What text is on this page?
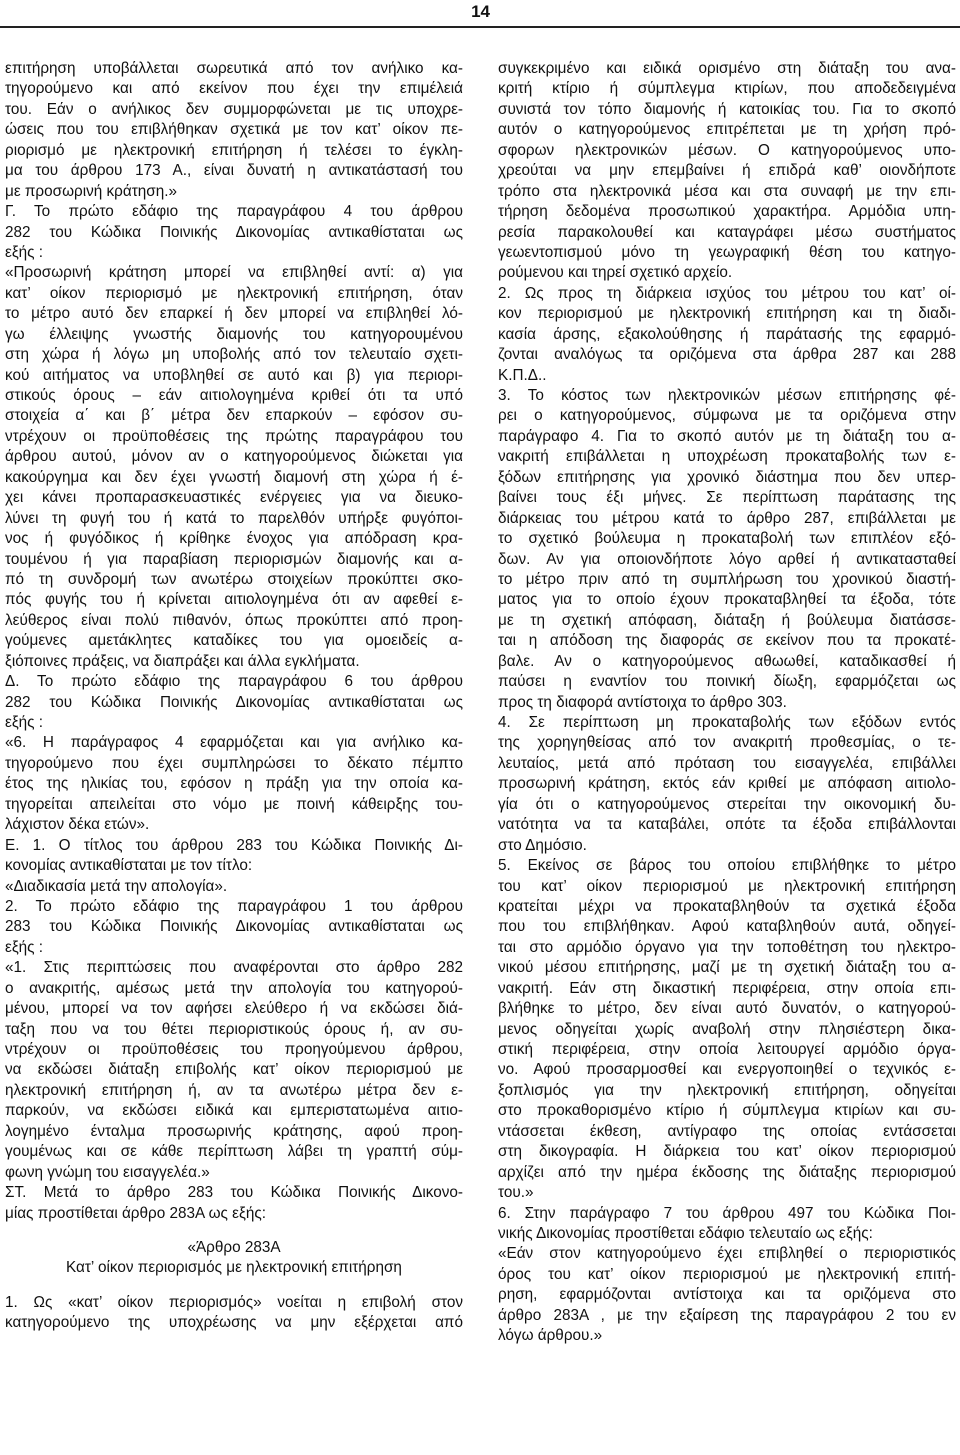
14
επιτήρηση υποβάλλεται σωρευτικά από τον ανήλικο κα-
τηγορούμενο και από εκείνον που έχει την επιμέλειά
του. Εάν ο ανήλικος δεν συμμορφώνεται με τις υποχρε-
ώσεις που του επιβλήθηκαν σχετικά με τον κατ’ οίκον πε-
ριορισμό με ηλεκτρονική επιτήρηση ή τελέσει το έγκλη-
μα του άρθρου 173 Α., είναι δυνατή η αντικατάστασή του
με προσωρινή κράτηση.»
Γ. Το πρώτο εδάφιο της παραγράφου 4 του άρθρου
282 του Κώδικα Ποινικής Δικονομίας αντικαθίσταται ως
εξής :
«Προσωρινή κράτηση μπορεί να επιβληθεί αντί: α) για
κατ’ οίκον περιορισμό με ηλεκτρονική επιτήρηση, όταν
το μέτρο αυτό δεν επαρκεί ή δεν μπορεί να επιβληθεί λό-
γω έλλειψης γνωστής διαμονής του κατηγορουμένου
στη χώρα ή λόγω μη υποβολής από τον τελευταίο σχετι-
κού αιτήματος να υποβληθεί σε αυτό και β) για περιορι-
στικούς όρους – εάν αιτιολογημένα κριθεί ότι τα υπό
στοιχεία α΄ και β΄ μέτρα δεν επαρκούν – εφόσον συ-
ντρέχουν οι προϋποθέσεις της πρώτης παραγράφου του
άρθρου αυτού, μόνον αν ο κατηγορούμενος διώκεται για
κακούργημα και δεν έχει γνωστή διαμονή στη χώρα ή έ-
χει κάνει προπαρασκευαστικές ενέργειες για να διευκο-
λύνει τη φυγή του ή κατά το παρελθόν υπήρξε φυγόποι-
νος ή φυγόδικος ή κρίθηκε ένοχος για απόδραση κρα-
τουμένου ή για παραβίαση περιορισμών διαμονής και α-
πό τη συνδρομή των ανωτέρω στοιχείων προκύπτει σκο-
πός φυγής του ή κρίνεται αιτιολογημένα ότι αν αφεθεί ε-
λεύθερος είναι πολύ πιθανόν, όπως προκύπτει από προη-
γούμενες αμετάκλητες καταδίκες του για ομοειδείς α-
ξιόποινες πράξεις, να διαπράξει και άλλα εγκλήματα.
Δ. Το πρώτο εδάφιο της παραγράφου 6 του άρθρου
282 του Κώδικα Ποινικής Δικονομίας αντικαθίσταται ως
εξής :
«6. Η παράγραφος 4 εφαρμόζεται και για ανήλικο κα-
τηγορούμενο που έχει συμπληρώσει το δέκατο πέμπτο
έτος της ηλικίας του, εφόσον η πράξη για την οποία κα-
τηγορείται απειλείται στο νόμο με ποινή κάθειρξης του-
λάχιστον δέκα ετών».
Ε. 1. Ο τίτλος του άρθρου 283 του Κώδικα Ποινικής Δι-
κονομίας αντικαθίσταται με τον τίτλο:
«Διαδικασία μετά την απολογία».
2. Το πρώτο εδάφιο της παραγράφου 1 του άρθρου
283 του Κώδικα Ποινικής Δικονομίας αντικαθίσταται ως
εξής :
«1. Στις περιπτώσεις που αναφέρονται στο άρθρο 282
ο ανακριτής, αμέσως μετά την απολογία του κατηγορού-
μένου, μπορεί να τον αφήσει ελεύθερο ή να εκδώσει διά-
ταξη που να του θέτει περιοριστικούς όρους ή, αν συ-
ντρέχουν οι προϋποθέσεις του προηγούμενου άρθρου,
να εκδώσει διάταξη επιβολής κατ’ οίκον περιορισμού με
ηλεκτρονική επιτήρηση ή, αν τα ανωτέρω μέτρα δεν ε-
παρκούν, να εκδώσει ειδικά και εμπεριστατωμένα αιτιο-
λογημένο ένταλμα προσωρινής κράτησης, αφού προη-
γουμένως και σε κάθε περίπτωση λάβει τη γραπτή σύμ-
φωνη γνώμη του εισαγγελέα.»
ΣΤ. Μετά το άρθρο 283 του Κώδικα Ποινικής Δικονο-
μίας προστίθεται άρθρο 283Α ως εξής:
«Άρθρο 283Α
Κατ’ οίκον περιορισμός με ηλεκτρονική επιτήρηση
1. Ως «κατ’ οίκον περιορισμός» νοείται η επιβολή στον
κατηγορούμενο της υποχρέωσης να μην εξέρχεται από
συγκεκριμένο και ειδικά ορισμένο στη διάταξη του ανα-
κριτή κτίριο ή σύμπλεγμα κτιρίων, που αποδεδειγμένα
συνιστά τον τόπο διαμονής ή κατοικίας του. Για το σκοπό
αυτόν ο κατηγορούμενος επιτρέπεται με τη χρήση πρό-
σφορων ηλεκτρονικών μέσων. Ο κατηγορούμενος υπο-
χρεούται να μην επεμβαίνει ή επιδρά καθ’ οιονδήποτε
τρόπο στα ηλεκτρονικά μέσα και στα συναφή με την επι-
τήρηση δεδομένα προσωπικού χαρακτήρα. Αρμόδια υπη-
ρεσία παρακολουθεί και καταγράφει μέσω συστήματος
γεωεντοπισμού μόνο τη γεωγραφική θέση του κατηγο-
ρούμενου και τηρεί σχετικό αρχείο.
2. Ως προς τη διάρκεια ισχύος του μέτρου του κατ’ οί-
κον περιορισμού με ηλεκτρονική επιτήρηση και τη διαδι-
κασία άρσης, εξακολούθησης ή παράτασής της εφαρμό-
ζονται αναλόγως τα οριζόμενα στα άρθρα 287 και 288
Κ.Π.Δ..
3. Το κόστος των ηλεκτρονικών μέσων επιτήρησης φέ-
ρει ο κατηγορούμενος, σύμφωνα με τα οριζόμενα στην
παράγραφο 4. Για το σκοπό αυτόν με τη διάταξη του α-
νακριτή επιβάλλεται η υποχρέωση προκαταβολής των ε-
ξόδων επιτήρησης για χρονικό διάστημα που δεν υπερ-
βαίνει τους έξι μήνες. Σε περίπτωση παράτασης της
διάρκειας του μέτρου κατά το άρθρο 287, επιβάλλεται με
το σχετικό βούλευμα η προκαταβολή των επιπλέον εξό-
δων. Αν για οποιονδήποτε λόγο αρθεί ή αντικατασταθεί
το μέτρο πριν από τη συμπλήρωση του χρονικού διαστή-
ματος για το οποίο έχουν προκαταβληθεί τα έξοδα, τότε
με τη σχετική απόφαση, διάταξη ή βούλευμα διατάσσε-
ται η απόδοση της διαφοράς σε εκείνον που τα προκατέ-
βαλε. Αν ο κατηγορούμενος αθωωθεί, καταδικασθεί ή
παύσει η εναντίον του ποινική δίωξη, εφαρμόζεται ως
προς τη διαφορά αντίστοιχα το άρθρο 303.
4. Σε περίπτωση μη προκαταβολής των εξόδων εντός
της χορηγηθείσας από τον ανακριτή προθεσμίας, ο τε-
λευταίος, μετά από πρόταση του εισαγγελέα, επιβάλλει
προσωρινή κράτηση, εκτός εάν κριθεί με απόφαση αιτιολο-
γία ότι ο κατηγορούμενος στερείται την οικονομική δυ-
νατότητα να τα καταβάλει, οπότε τα έξοδα επιβάλλονται
στο Δημόσιο.
5. Εκείνος σε βάρος του οποίου επιβλήθηκε το μέτρο
του κατ’ οίκον περιορισμού με ηλεκτρονική επιτήρηση
κρατείται μέχρι να προκαταβληθούν τα σχετικά έξοδα
που του επιβλήθηκαν. Αφού καταβληθούν αυτά, οδηγεί-
ται στο αρμόδιο όργανο για την τοποθέτηση του ηλεκτρο-
νικού μέσου επιτήρησης, μαζί με τη σχετική διάταξη του α-
νακριτή. Εάν στη δικαστική περιφέρεια, στην οποία επι-
βλήθηκε το μέτρο, δεν είναι αυτό δυνατόν, ο κατηγορού-
μενος οδηγείται χωρίς αναβολή στην πλησιέστερη δικα-
στική περιφέρεια, στην οποία λειτουργεί αρμόδιο όργα-
νο. Αφού προσαρμοσθεί και ενεργοποιηθεί ο τεχνικός ε-
ξοπλισμός για την ηλεκτρονική επιτήρηση, οδηγείται
στο προκαθορισμένο κτίριο ή σύμπλεγμα κτιρίων και συ-
ντάσσεται έκθεση, αντίγραφο της οποίας εντάσσεται
στη δικογραφία. Η διάρκεια του κατ’ οίκον περιορισμού
αρχίζει από την ημέρα έκδοσης της διάταξης περιορισμού
του.»
6. Στην παράγραφο 7 του άρθρου 497 του Κώδικα Ποι-
νικής Δικονομίας προστίθεται εδάφιο τελευταίο ως εξής:
«Εάν στον κατηγορούμενο έχει επιβληθεί ο περιοριστικός
όρος του κατ’ οίκον περιορισμού με ηλεκτρονική επιτή-
ρηση, εφαρμόζονται αντίστοιχα και τα οριζόμενα στο
άρθρο 283Α , με την εξαίρεση της παραγράφου 2 του εν
λόγω άρθρου.»
